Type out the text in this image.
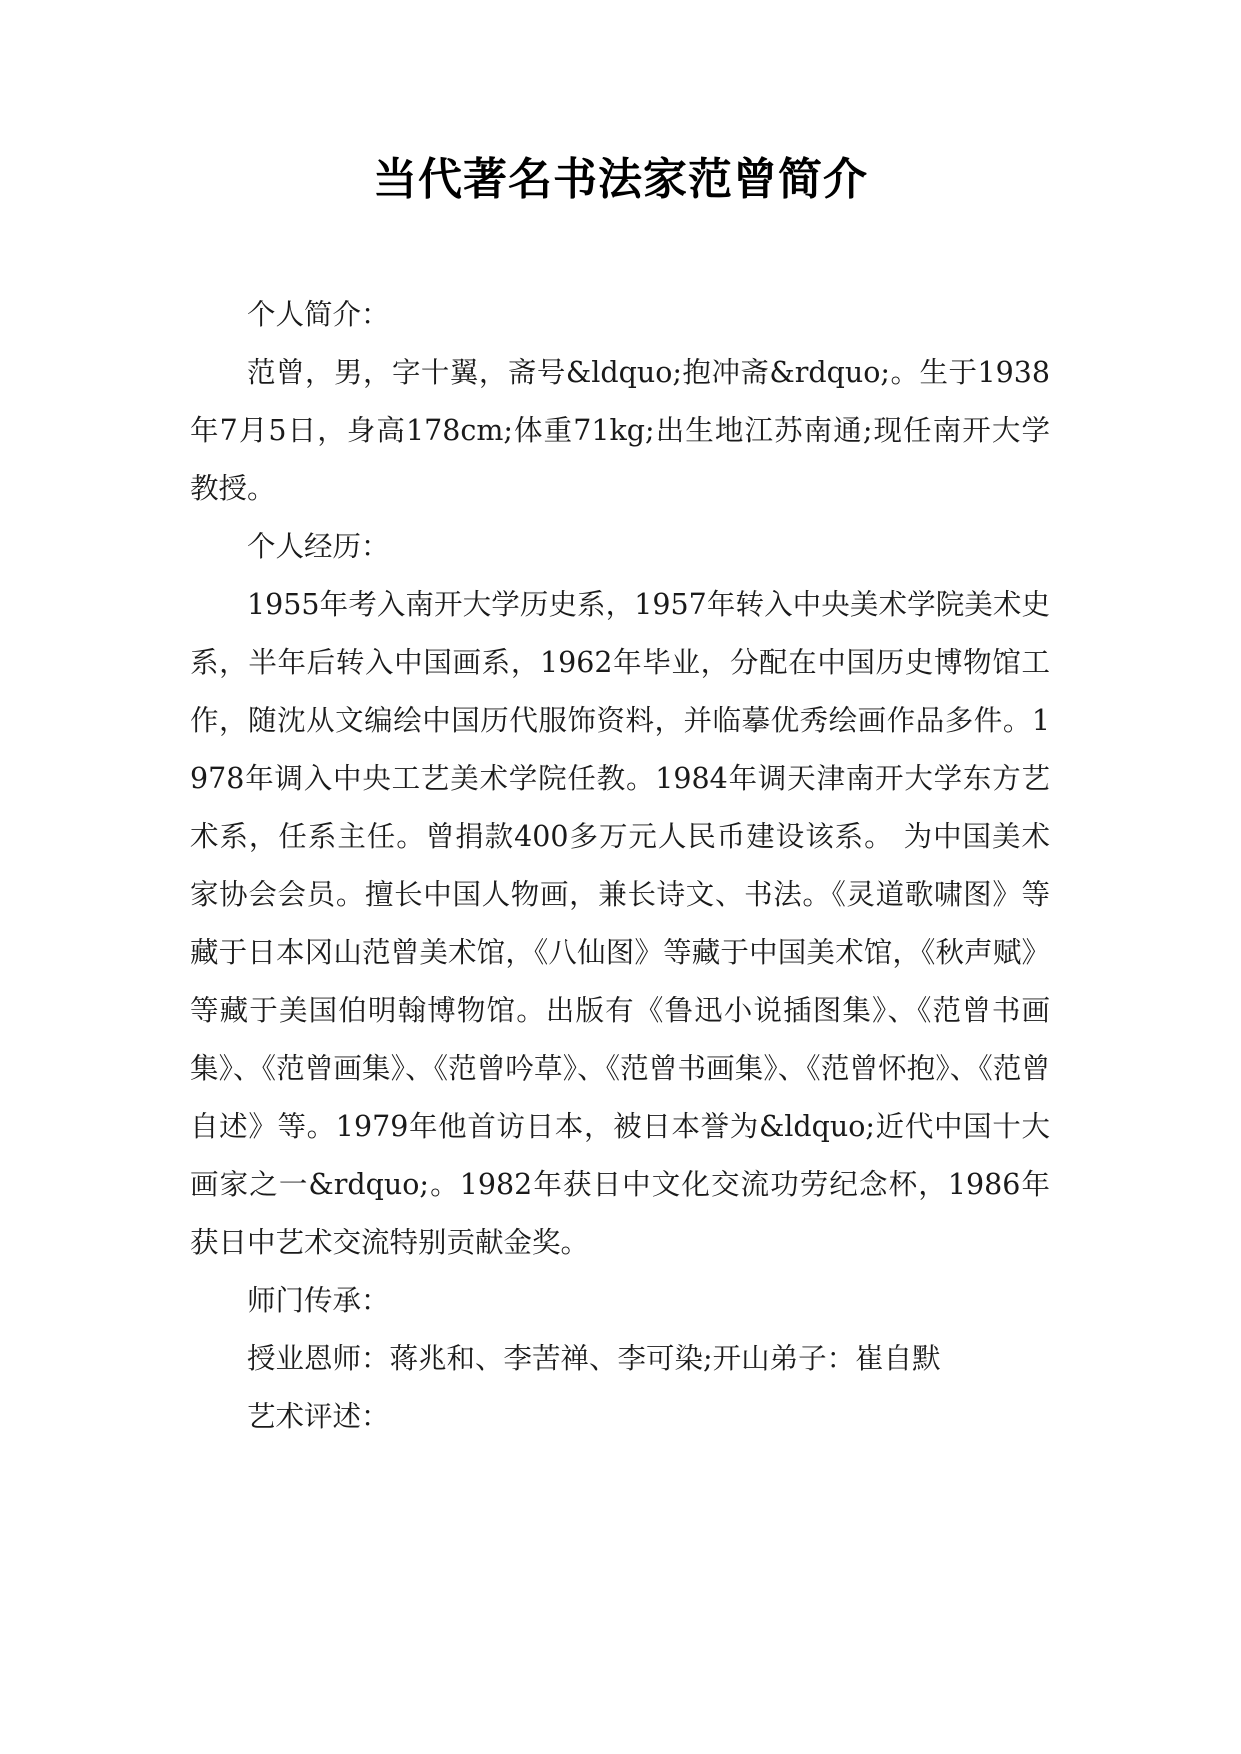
当代著名书法家范曾简介

个人简介：

范曾，男，字十翼，斋号&ldquo;抱冲斋&rdquo;。生于1938年7月5日，身高178cm;体重71kg;出生地江苏南通;现任南开大学教授。

个人经历：

1955年考入南开大学历史系，1957年转入中央美术学院美术史系，半年后转入中国画系，1962年毕业，分配在中国历史博物馆工作，随沈从文编绘中国历代服饰资料，并临摹优秀绘画作品多件。1978年调入中央工艺美术学院任教。1984年调天津南开大学东方艺术系，任系主任。曾捐款400多万元人民币建设该系。 为中国美术家协会会员。擅长中国人物画，兼长诗文、书法。《灵道歌啸图》等藏于日本冈山范曾美术馆，《八仙图》等藏于中国美术馆，《秋声赋》等藏于美国伯明翰博物馆。出版有《鲁迅小说插图集》、《范曾书画集》、《范曾画集》、《范曾吟草》、《范曾书画集》、《范曾怀抱》、《范曾自述》等。1979年他首访日本，被日本誉为&ldquo;近代中国十大画家之一&rdquo;。1982年获日中文化交流功劳纪念杯，1986年获日中艺术交流特别贡献金奖。

师门传承：

授业恩师：蒋兆和、李苦禅、李可染;开山弟子：崔自默

艺术评述：
